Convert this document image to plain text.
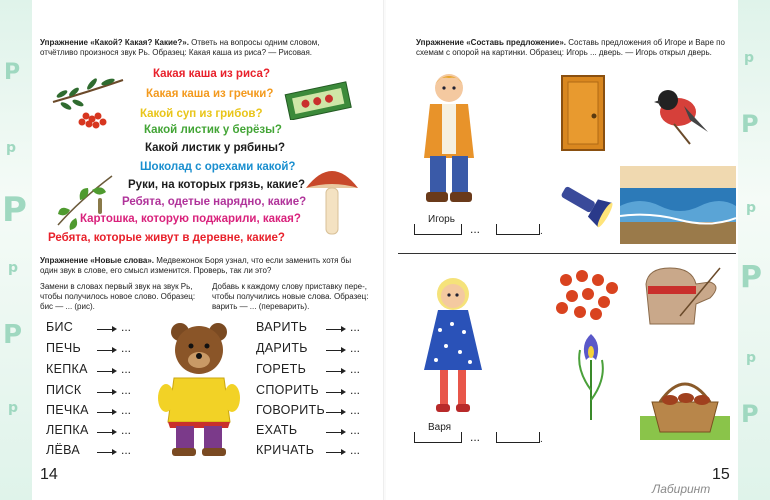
Р
р
Р
р
Р
р
Упражнение «Какой? Какая? Какие?». Ответь на вопросы одним словом, отчётливо произнося звук Рь. Образец: Какая каша из риса? — Рисовая.
Какая каша из риса?
Какая каша из гречки?
Какой суп из грибов?
Какой листик у берёзы?
Какой листик у рябины?
Шоколад с орехами какой?
Руки, на которых грязь, какие?
Ребята, одетые нарядно, какие?
Картошка, которую поджарили, какая?
Ребята, которые живут в деревне, какие?
Упражнение «Новые слова». Медвежонок Боря узнал, что если заменить хотя бы один звук в слове, его смысл изменится. Проверь, так ли это?
Замени в словах первый звук на звук Рь, чтобы получилось новое слово. Образец: бис — ... (рис).
Добавь к каждому слову приставку пере-, чтобы получились новые слова. Образец: варить — ... (переварить).
БИС
ПЕЧЬ
КЕПКА
ПИСК
ПЕЧКА
ЛЕПКА
ЛЁВА
...
...
...
...
...
...
...
ВАРИТЬ
ДАРИТЬ
ГОРЕТЬ
СПОРИТЬ
ГОВОРИТЬ
ЕХАТЬ
КРИЧАТЬ
...
...
...
...
...
...
...
14
р
Р
р
Р
р
Р
Упражнение «Составь предложение». Составь предложения об Игоре и Варе по схемам с опорой на картинки. Образец: Игорь ... дверь. — Игорь открыл дверь.
Игорь
...	.
Варя
...	.
15
Лабиринт
